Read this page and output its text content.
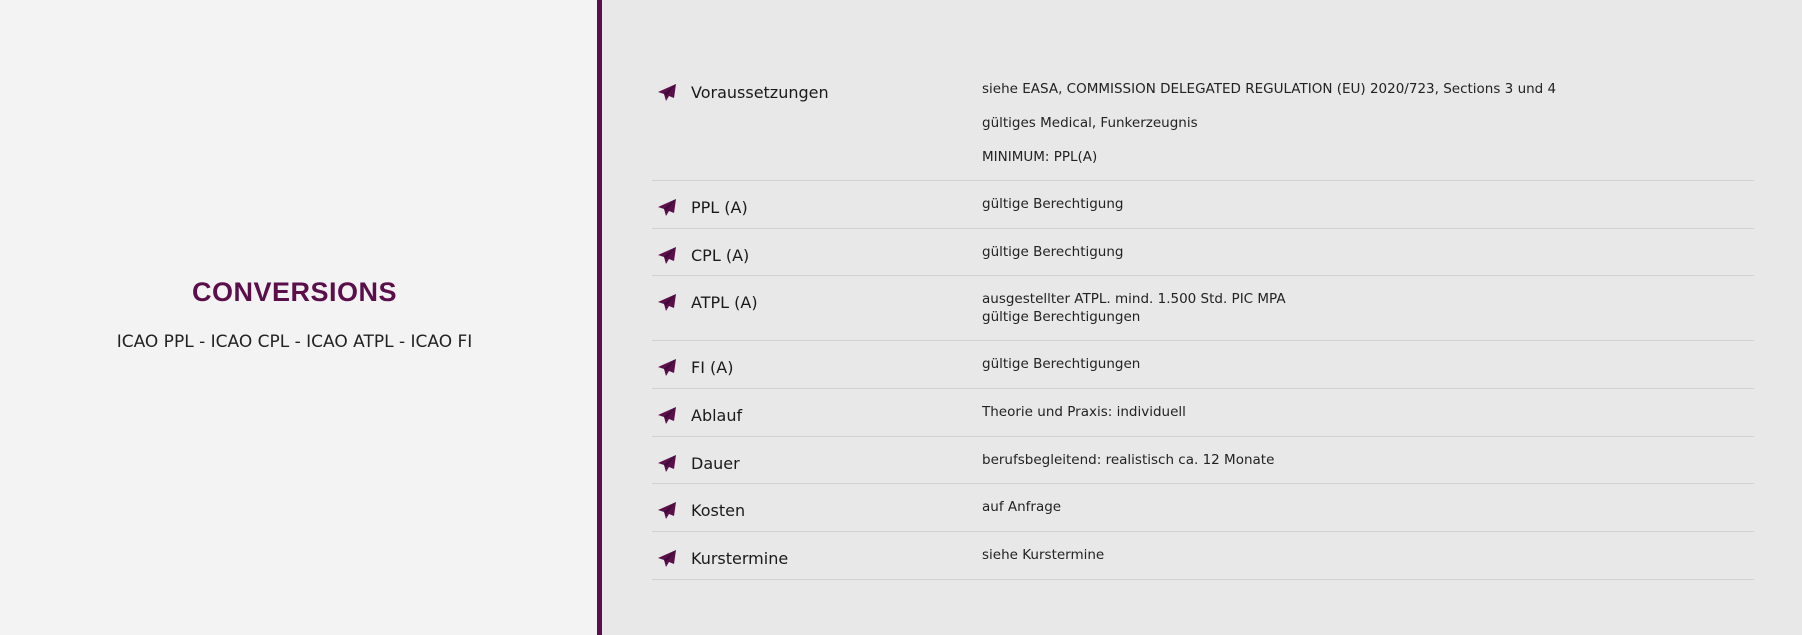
CONVERSIONS
ICAO PPL - ICAO CPL - ICAO ATPL - ICAO FI
Voraussetzungen	siehe EASA, COMMISSION DELEGATED REGULATION (EU) 2020/723, Sections 3 und 4
gültiges Medical, Funkerzeugnis
MINIMUM: PPL(A)
PPL (A)	gültige Berechtigung
CPL (A)	gültige Berechtigung
ATPL (A)	ausgestellter ATPL. mind. 1.500 Std. PIC MPA
gültige Berechtigungen
FI (A)	gültige Berechtigungen
Ablauf	Theorie und Praxis: individuell
Dauer	berufsbegleitend: realistisch ca. 12 Monate
Kosten	auf Anfrage
Kurstermine	siehe Kurstermine
